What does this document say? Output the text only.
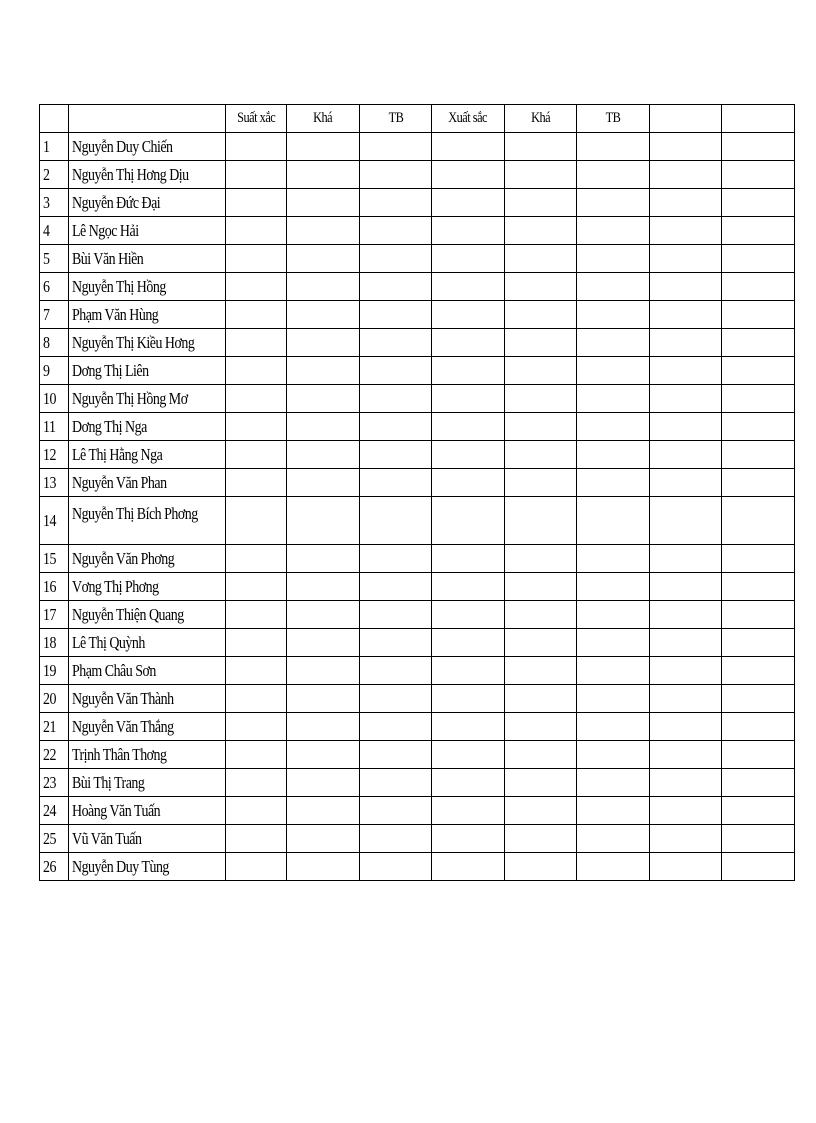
		Suất xắc	Khá	TB	Xuất sắc	Khá	TB		
1	Nguyễn Duy Chiến								
2	Nguyễn Thị Hơng Dịu								
3	Nguyễn Đức Đại								
4	Lê Ngọc Hải								
5	Bùi Văn Hiền								
6	Nguyễn Thị Hồng								
7	Phạm Văn Hùng								
8	Nguyễn Thị Kiều Hơng								
9	Dơng Thị Liên								
10	Nguyễn Thị Hồng Mơ								
11	Dơng Thị Nga								
12	Lê Thị Hằng Nga								
13	Nguyễn Văn Phan								
14	Nguyễn Thị Bích Phơng								
15	Nguyễn Văn Phơng								
16	Vơng Thị Phơng								
17	Nguyễn Thiện Quang								
18	Lê Thị Quỳnh								
19	Phạm Châu Sơn								
20	Nguyễn Văn Thành								
21	Nguyễn Văn Thắng								
22	Trịnh Thân Thơng								
23	Bùi Thị Trang								
24	Hoàng Văn Tuấn								
25	Vũ Văn Tuấn								
26	Nguyễn Duy Tùng								
